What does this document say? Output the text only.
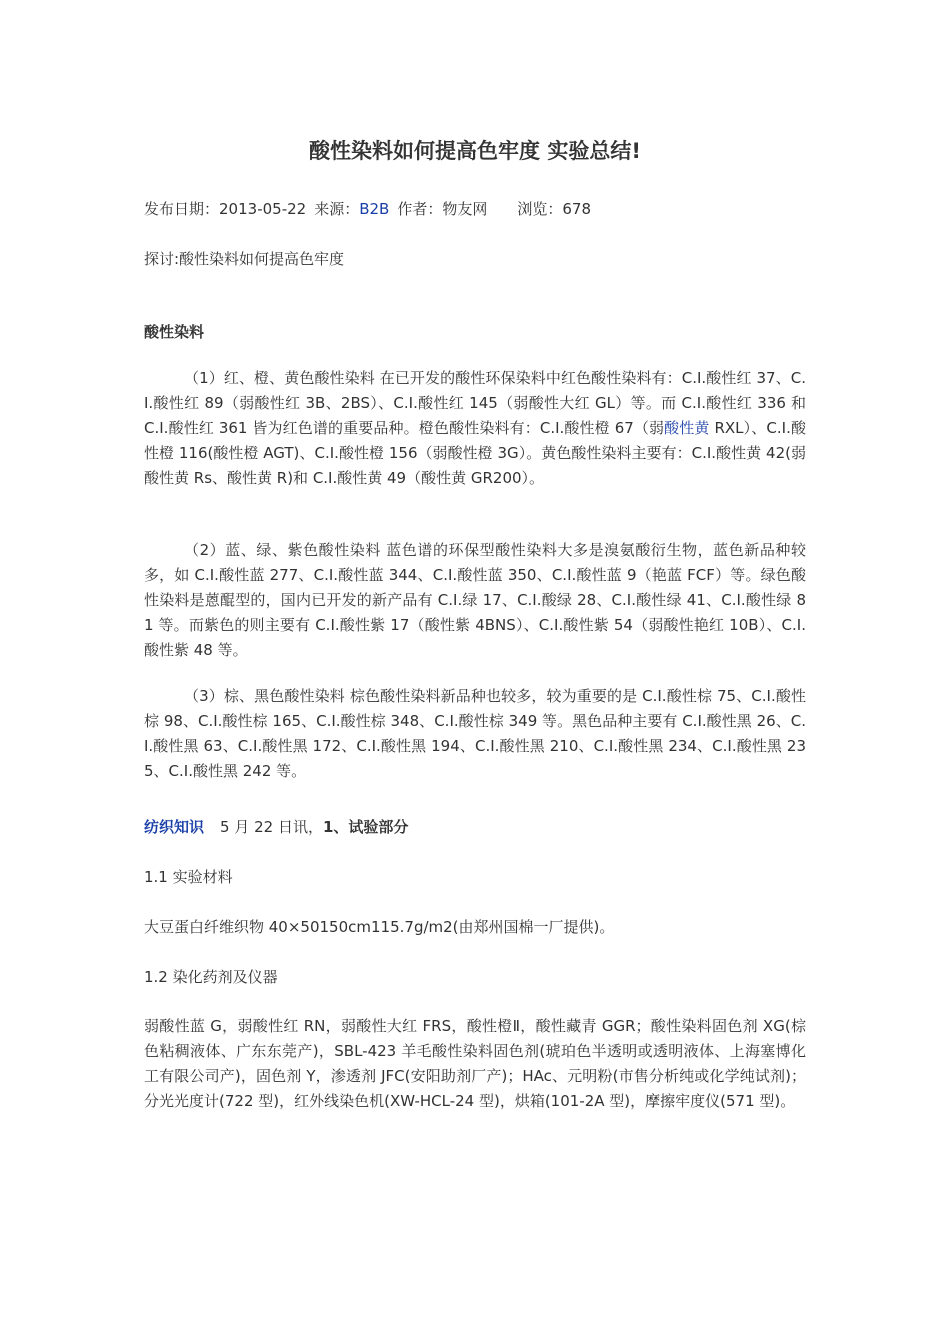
酸性染料如何提高色牢度 实验总结!
发布日期：2013-05-22 来源：B2B 作者：物友网 浏览：678
探讨:酸性染料如何提高色牢度
酸性染料

（1）红、橙、黄色酸性染料 在已开发的酸性环保染料中红色酸性染料有：C.I.酸性红 37、C.I.酸性红 89（弱酸性红 3B、2BS）、C.I.酸性红 145（弱酸性大红 GL）等。而 C.I.酸性红 336 和 C.I.酸性红 361 皆为红色谱的重要品种。橙色酸性染料有：C.I.酸性橙 67（弱酸性黄 RXL）、C.I.酸性橙 116(酸性橙 AGT)、C.I.酸性橙 156（弱酸性橙 3G）。黄色酸性染料主要有：C.I.酸性黄 42(弱酸性黄 Rs、酸性黄 R)和 C.I.酸性黄 49（酸性黄 GR200）。

（2）蓝、绿、紫色酸性染料 蓝色谱的环保型酸性染料大多是溴氨酸衍生物，蓝色新品种较多，如 C.I.酸性蓝 277、C.I.酸性蓝 344、C.I.酸性蓝 350、C.I.酸性蓝 9（艳蓝 FCF）等。绿色酸性染料是蒽醌型的，国内已开发的新产品有 C.I.绿 17、C.I.酸绿 28、C.I.酸性绿 41、C.I.酸性绿 81 等。而紫色的则主要有 C.I.酸性紫 17（酸性紫 4BNS）、C.I.酸性紫 54（弱酸性艳红 10B）、C.I.酸性紫 48 等。

（3）棕、黑色酸性染料 棕色酸性染料新品种也较多，较为重要的是 C.I.酸性棕 75、C.I.酸性棕 98、C.I.酸性棕 165、C.I.酸性棕 348、C.I.酸性棕 349 等。黑色品种主要有 C.I.酸性黑 26、C.I.酸性黑 63、C.I.酸性黑 172、C.I.酸性黑 194、C.I.酸性黑 210、C.I.酸性黑 234、C.I.酸性黑 235、C.I.酸性黑 242 等。

纺织知识 5 月 22 日讯，1、试验部分

1.1 实验材料

大豆蛋白纤维织物 40×50150cm115.7g/m2(由郑州国棉一厂提供)。

1.2 染化药剂及仪器

弱酸性蓝 G，弱酸性红 RN，弱酸性大红 FRS，酸性橙Ⅱ，酸性藏青 GGR；酸性染料固色剂 XG(棕色粘稠液体、广东东莞产)，SBL-423 羊毛酸性染料固色剂(琥珀色半透明或透明液体、上海塞博化工有限公司产)，固色剂 Y，渗透剂 JFC(安阳助剂厂产)；HAc、元明粉(市售分析纯或化学纯试剂)；分光光度计(722 型)，红外线染色机(XW-HCL-24 型)，烘箱(101-2A 型)，摩擦牢度仪(571 型)。
